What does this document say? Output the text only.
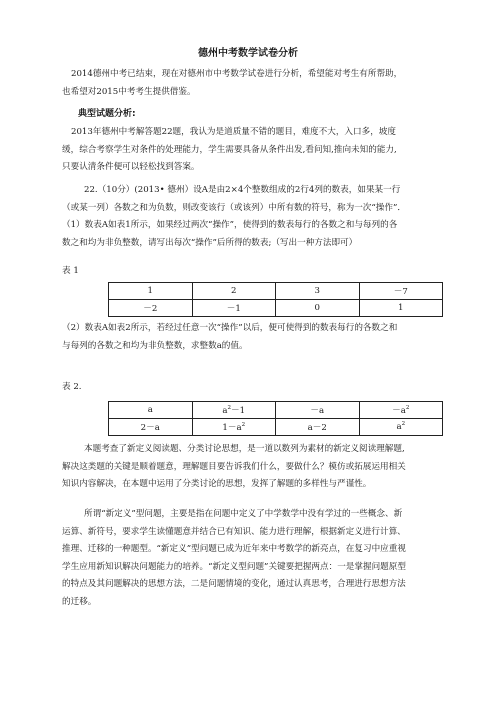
德州中考数学试卷分析
2014德州中考已结束，现在对德州市中考数学试卷进行分析，希望能对考生有所帮助，
也希望对2015中考考生提供借鉴。
典型试题分析:
2013年德州中考解答题22题，我认为是道质量不错的题目，难度不大，入口多，坡度
缓，综合考察学生对条件的处理能力，学生需要具备从条件出发,看问知,推向未知的能力,
只要认清条件便可以轻松找到答案。
22.（10分）(2013• 德州）设A是由2×4个整数组成的2行4列的数表，如果某一行
（或某一列）各数之和为负数，则改变该行（或该列）中所有数的符号，称为一次“操作”．
（1）数表A如表1所示，如果经过两次“操作”，使得到的数表每行的各数之和与每列的各
数之和均为非负整数，请写出每次“操作”后所得的数表;（写出一种方法即可）
表 1
1	2	3	－7
－2	－1	0	1
（2）数表A如表2所示，若经过任意一次“操作”以后，便可使得到的数表每行的各数之和
与每列的各数之和均为非负整数，求整数a的值。
表 2.
a	$a^2-1$	－a	$-a^2$
2－a	$1-a^2$	a－2	$a^2$
本题考查了新定义阅读题、分类讨论思想，是一道以数列为素材的新定义阅读理解题,
解决这类题的关键是顺着题意，理解题目要告诉我们什么，要做什么？模仿或拓展运用相关
知识内容解决，在本题中运用了分类讨论的思想，发挥了解题的多样性与严谨性。
所谓“新定义”型问题，主要是指在问题中定义了中学数学中没有学过的一些概念、新
运算、新符号，要求学生读懂题意并结合已有知识、能力进行理解，根据新定义进行计算、
推理、迁移的一种题型。“新定义”型问题已成为近年来中考数学的新亮点，在复习中应重视
学生应用新知识解决问题能力的培养。“新定义型问题”关键要把握两点：一是掌握问题原型
的特点及其问题解决的思想方法，二是问题情境的变化，通过认真思考，合理进行思想方法
的迁移。
